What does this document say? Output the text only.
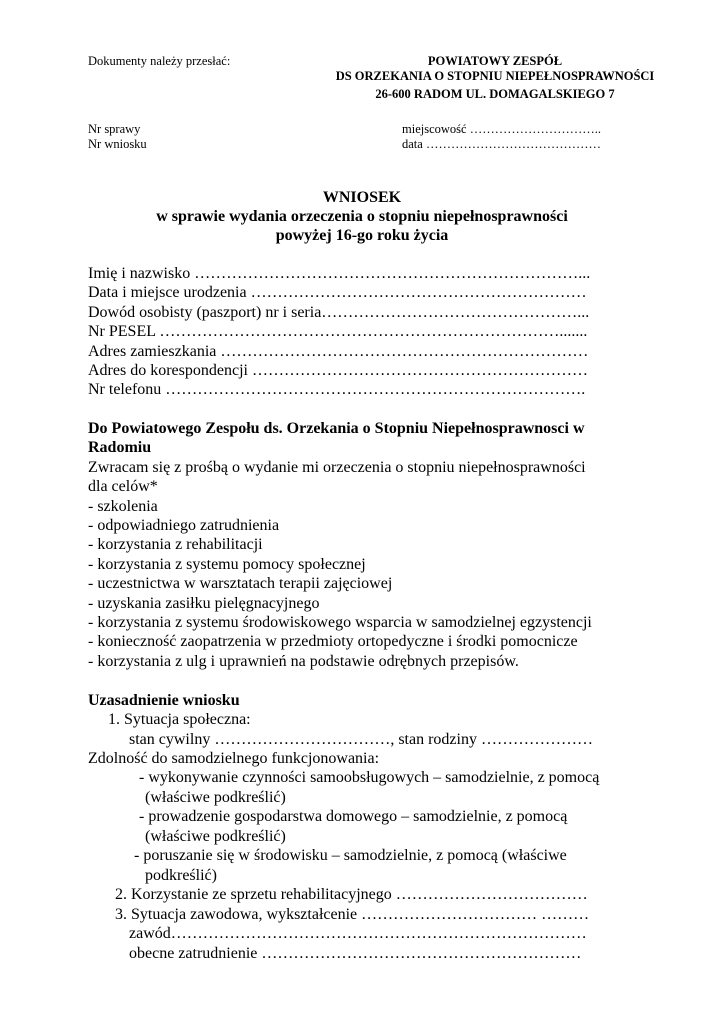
Dokumenty należy przesłać:	POWIATOWY ZESPÓŁ
DS ORZEKANIA O STOPNIU NIEPEŁNOSPRAWNOŚCI
26-600 RADOM UL. DOMAGALSKIEGO 7
Nr sprawy
Nr wniosku
miejscowość …………………………..
data ……………………………………
WNIOSEK
w sprawie wydania orzeczenia o stopniu niepełnosprawności
powyżej 16-go roku życia
Imię i nazwisko ………………………………………………………………...
Data i miejsce urodzenia ………………………………………………………
Dowód osobisty (paszport) nr i seria…………………………………………...
Nr PESEL ………………………………………………………………….......
Adres zamieszkania ……………………………………………………………
Adres do korespondencji ………………………………………………………
Nr telefonu …………………………………………………………………….
Do Powiatowego Zespołu ds. Orzekania o Stopniu Niepełnosprawnosci w
Radomiu
Zwracam się z prośbą o wydanie mi orzeczenia o stopniu niepełnosprawności
dla celów*
- szkolenia
- odpowiadniego zatrudnienia
- korzystania z rehabilitacji
- korzystania z systemu pomocy społecznej
- uczestnictwa w warsztatach terapii zajęciowej
- uzyskania zasiłku pielęgnacyjnego
- korzystania z systemu środowiskowego wsparcia w samodzielnej egzystencji
- konieczność zaopatrzenia w przedmioty ortopedyczne i środki pomocnicze
- korzystania z ulg i uprawnień na podstawie odrębnych przepisów.
Uzasadnienie wniosku
1. Sytuacja społeczna:
stan cywilny ……………………………, stan rodziny …………………
Zdolność do samodzielnego funkcjonowania:
- wykonywanie czynności samoobsługowych – samodzielnie, z pomocą
(właściwe podkreślić)
- prowadzenie gospodarstwa domowego – samodzielnie, z pomocą
(właściwe podkreślić)
- poruszanie się w środowisku – samodzielnie, z pomocą (właściwe
podkreślić)
2. Korzystanie ze sprzetu rehabilitacyjnego ………………………………
3. Sytuacja zawodowa, wykształcenie …………………………… ………
zawód……………………………………………………………………
obecne zatrudnienie ……………………………………………………
